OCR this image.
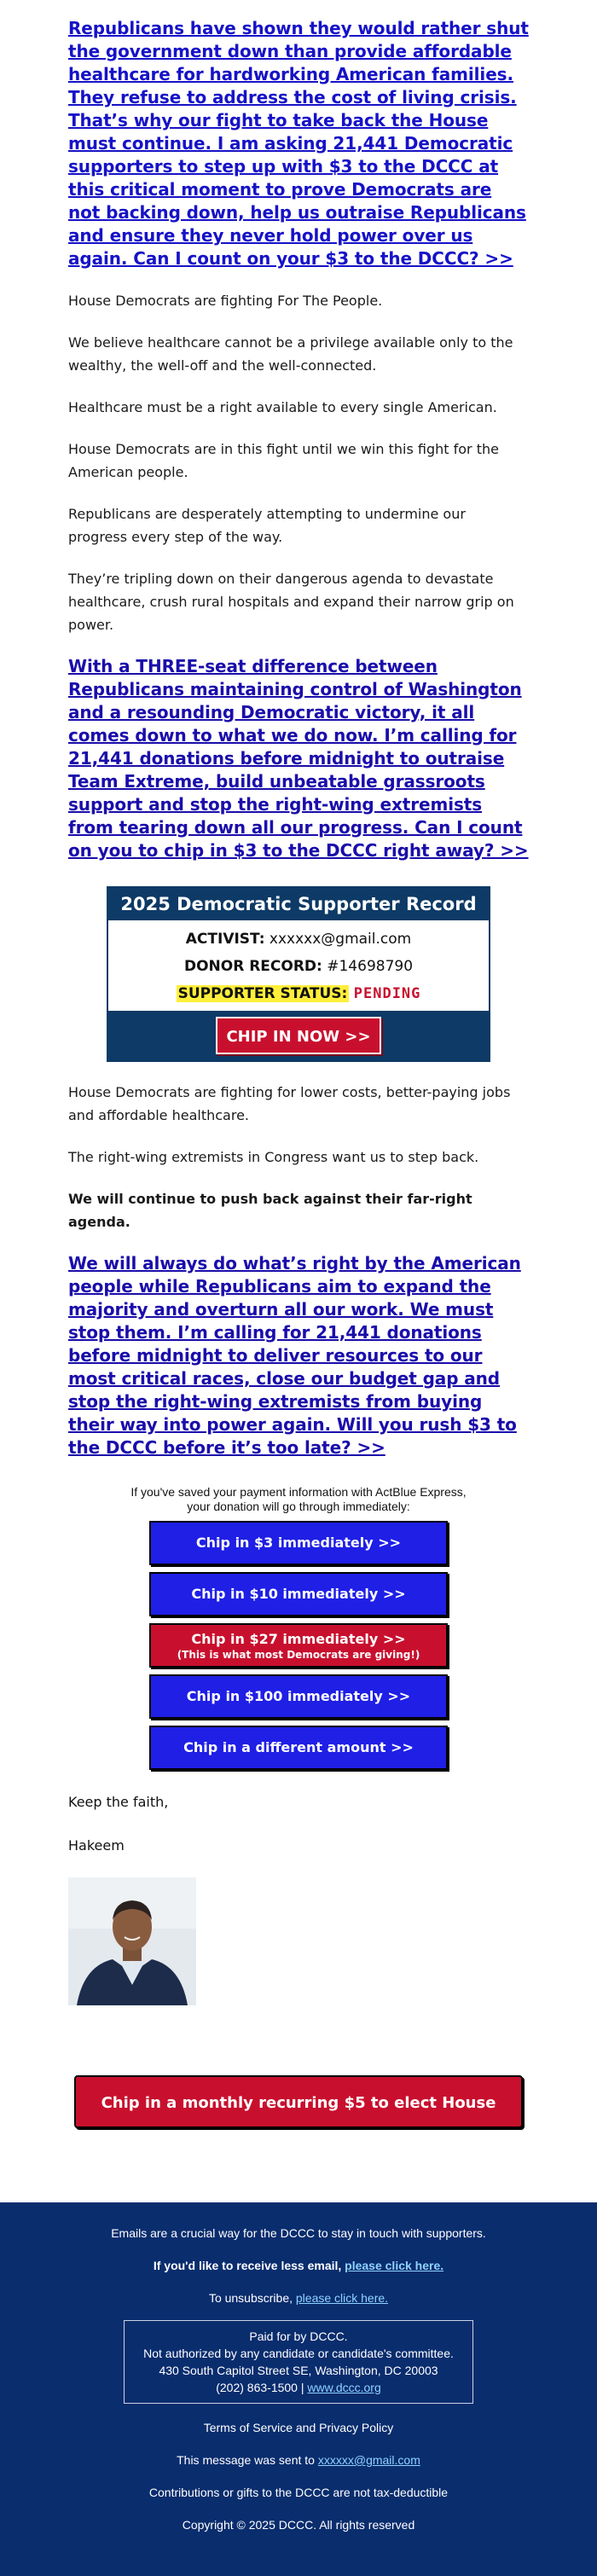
Republicans have shown they would rather shut the government down than provide affordable healthcare for hardworking American families. They refuse to address the cost of living crisis. That’s why our fight to take back the House must continue. I am asking 21,441 Democratic supporters to step up with $3 to the DCCC at this critical moment to prove Democrats are not backing down, help us outraise Republicans and ensure they never hold power over us again. Can I count on your $3 to the DCCC? >>

House Democrats are fighting For The People.

We believe healthcare cannot be a privilege available only to the wealthy, the well-off and the well-connected.

Healthcare must be a right available to every single American.

House Democrats are in this fight until we win this fight for the American people.

Republicans are desperately attempting to undermine our progress every step of the way.

They’re tripling down on their dangerous agenda to devastate healthcare, crush rural hospitals and expand their narrow grip on power.

With a THREE-seat difference between Republicans maintaining control of Washington and a resounding Democratic victory, it all comes down to what we do now. I’m calling for 21,441 donations before midnight to outraise Team Extreme, build unbeatable grassroots support and stop the right-wing extremists from tearing down all our progress. Can I count on you to chip in $3 to the DCCC right away? >>
2025 Democratic Supporter Record
ACTIVIST: xxxxxx@gmail.com
DONOR RECORD: #14698790
SUPPORTER STATUS: PENDING
CHIP IN NOW >>

House Democrats are fighting for lower costs, better-paying jobs and affordable healthcare.

The right-wing extremists in Congress want us to step back.

We will continue to push back against their far-right agenda.

We will always do what’s right by the American people while Republicans aim to expand the majority and overturn all our work. We must stop them. I’m calling for 21,441 donations before midnight to deliver resources to our most critical races, close our budget gap and stop the right-wing extremists from buying their way into power again. Will you rush $3 to the DCCC before it’s too late? >>
If you've saved your payment information with ActBlue Express,
your donation will go through immediately:
Chip in $3 immediately >>
Chip in $10 immediately >>
Chip in $27 immediately >>
(This is what most Democrats are giving!)
Chip in $100 immediately >>
Chip in a different amount >>

Keep the faith,

Hakeem

Chip in a monthly recurring $5 to elect House Dems >>
Emails are a crucial way for the DCCC to stay in touch with supporters.
If you'd like to receive less email, please click here.
To unsubscribe, please click here.
Paid for by DCCC.
Not authorized by any candidate or candidate's committee.
430 South Capitol Street SE, Washington, DC 20003
(202) 863-1500 | www.dccc.org
Terms of Service and Privacy Policy
This message was sent to xxxxxx@gmail.com
Contributions or gifts to the DCCC are not tax-deductible
Copyright © 2025 DCCC. All rights reserved
